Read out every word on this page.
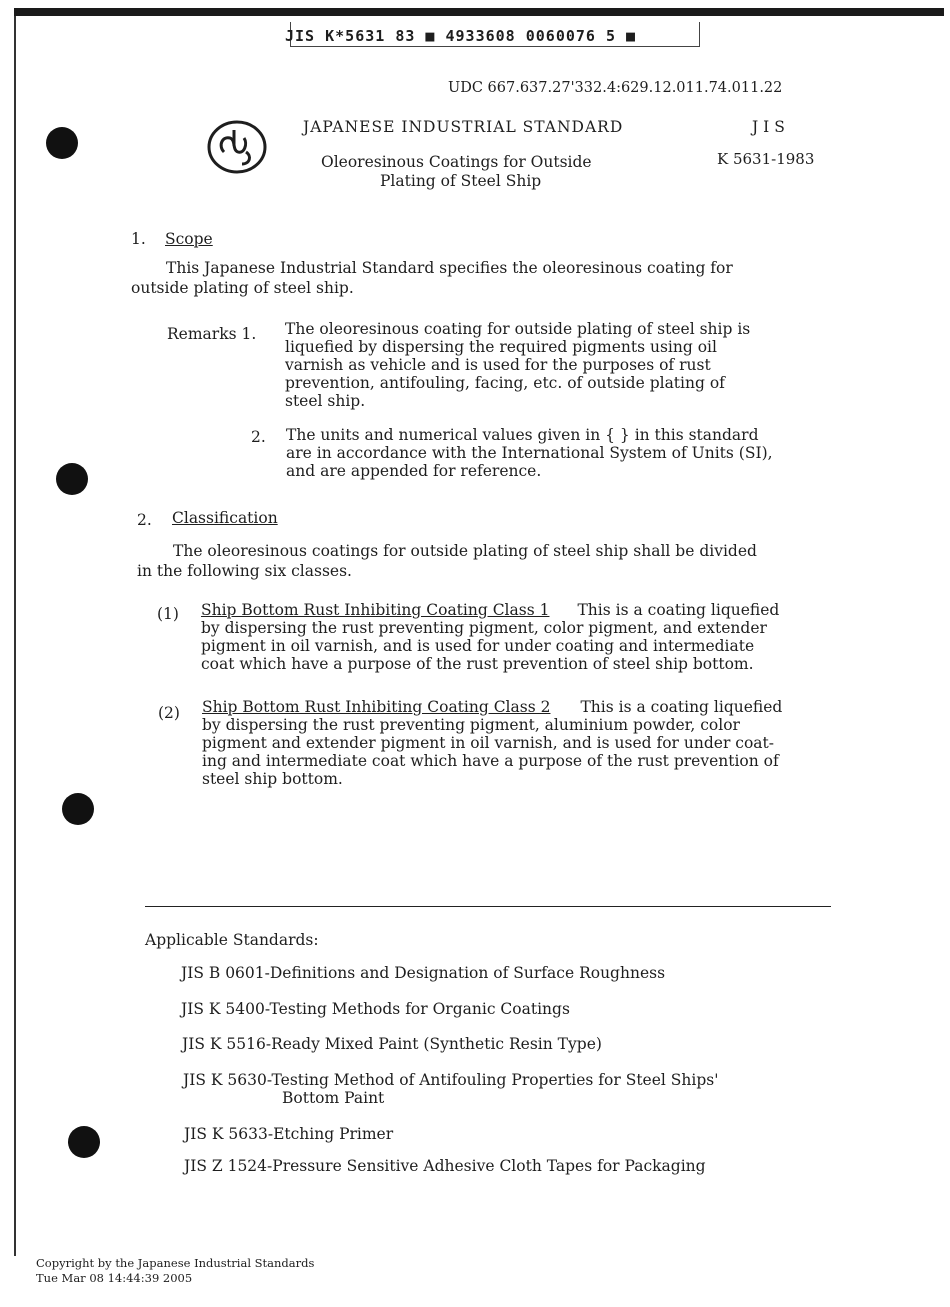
JIS K*5631 83 ■ 4933608 0060076 5 ■
UDC 667.637.27'332.4:629.12.011.74.011.22
JAPANESE INDUSTRIAL STANDARD	J I S
Oleoresinous Coatings for Outside
Plating of Steel Ship
K 5631-1983
1. Scope
This Japanese Industrial Standard specifies the oleoresinous coating for
outside plating of steel ship.
Remarks 1. The oleoresinous coating for outside plating of steel ship is
liquefied by dispersing the required pigments using oil
varnish as vehicle and is used for the purposes of rust
prevention, antifouling, facing, etc. of outside plating of
steel ship.
2. The units and numerical values given in { } in this standard
are in accordance with the International System of Units (SI),
and are appended for reference.
2. Classification
The oleoresinous coatings for outside plating of steel ship shall be divided
in the following six classes.
(1) Ship Bottom Rust Inhibiting Coating Class 1 This is a coating liquefied
by dispersing the rust preventing pigment, color pigment, and extender
pigment in oil varnish, and is used for under coating and intermediate
coat which have a purpose of the rust prevention of steel ship bottom.
(2) Ship Bottom Rust Inhibiting Coating Class 2 This is a coating liquefied
by dispersing the rust preventing pigment, aluminium powder, color
pigment and extender pigment in oil varnish, and is used for under coat-
ing and intermediate coat which have a purpose of the rust prevention of
steel ship bottom.
Applicable Standards:
JIS B 0601-Definitions and Designation of Surface Roughness
JIS K 5400-Testing Methods for Organic Coatings
JIS K 5516-Ready Mixed Paint (Synthetic Resin Type)
JIS K 5630-Testing Method of Antifouling Properties for Steel Ships'
Bottom Paint
JIS K 5633-Etching Primer
JIS Z 1524-Pressure Sensitive Adhesive Cloth Tapes for Packaging
Copyright by the Japanese Industrial Standards
Tue Mar 08 14:44:39 2005
